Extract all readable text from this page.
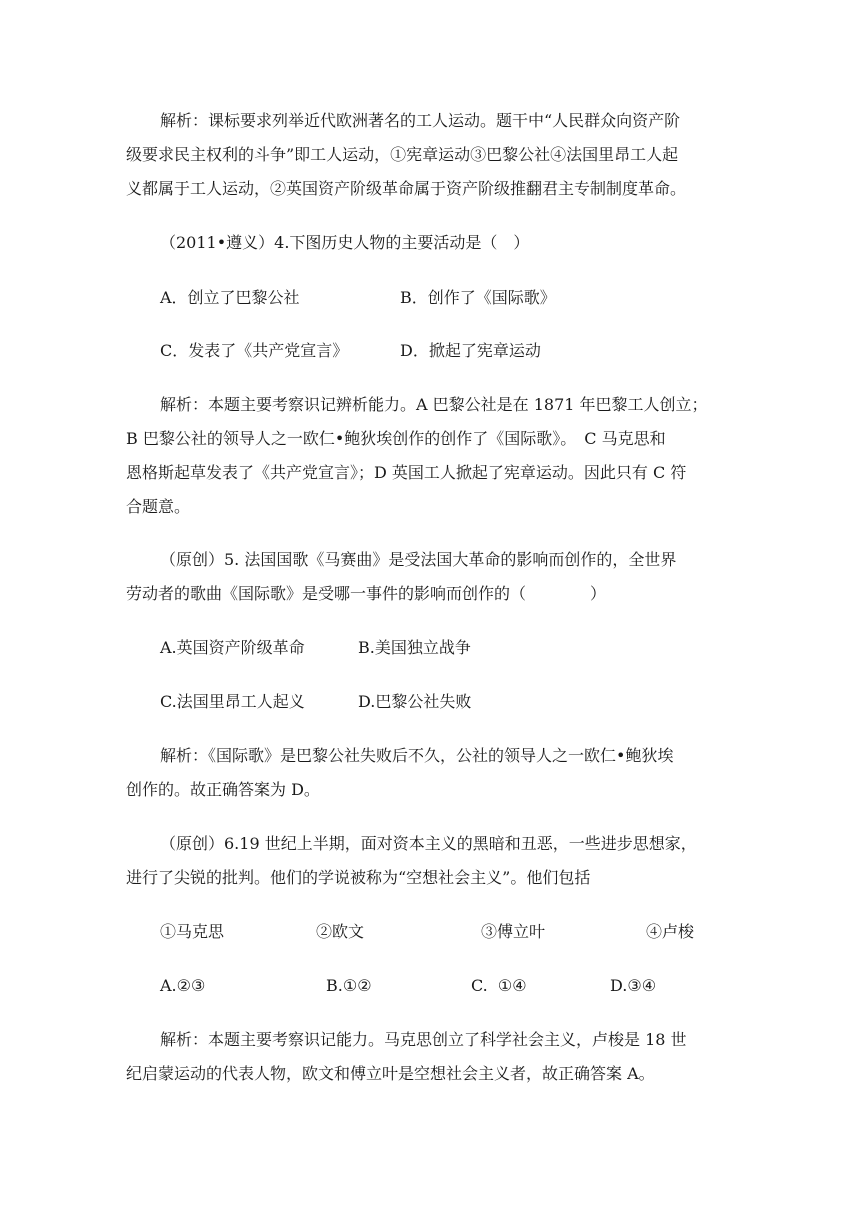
解析：课标要求列举近代欧洲著名的工人运动。题干中“人民群众向资产阶
级要求民主权利的斗争”即工人运动，①宪章运动③巴黎公社④法国里昂工人起
义都属于工人运动，②英国资产阶级革命属于资产阶级推翻君主专制制度革命。
（2011•遵义）4.下图历史人物的主要活动是（　）
A．创立了巴黎公社	B．创作了《国际歌》
C．发表了《共产党宣言》	D．掀起了宪章运动
解析：本题主要考察识记辨析能力。A 巴黎公社是在 1871 年巴黎工人创立；
B 巴黎公社的领导人之一欧仁•鲍狄埃创作的创作了《国际歌》。　C 马克思和
恩格斯起草发表了《共产党宣言》；D 英国工人掀起了宪章运动。因此只有 C 符
合题意。
（原创）5. 法国国歌《马赛曲》是受法国大革命的影响而创作的，全世界
劳动者的歌曲《国际歌》是受哪一事件的影响而创作的（　　　　）
A.英国资产阶级革命	B.美国独立战争
C.法国里昂工人起义	D.巴黎公社失败
解析：《国际歌》是巴黎公社失败后不久，公社的领导人之一欧仁•鲍狄埃
创作的。故正确答案为 D。
（原创）6.19 世纪上半期，面对资本主义的黑暗和丑恶，一些进步思想家，
进行了尖锐的批判。他们的学说被称为“空想社会主义”。他们包括
①马克思	②欧文	③傅立叶	④卢梭
A.②③	B.①②	C.  ①④	D.③④
解析：本题主要考察识记能力。马克思创立了科学社会主义，卢梭是 18 世
纪启蒙运动的代表人物，欧文和傅立叶是空想社会主义者，故正确答案 A。
